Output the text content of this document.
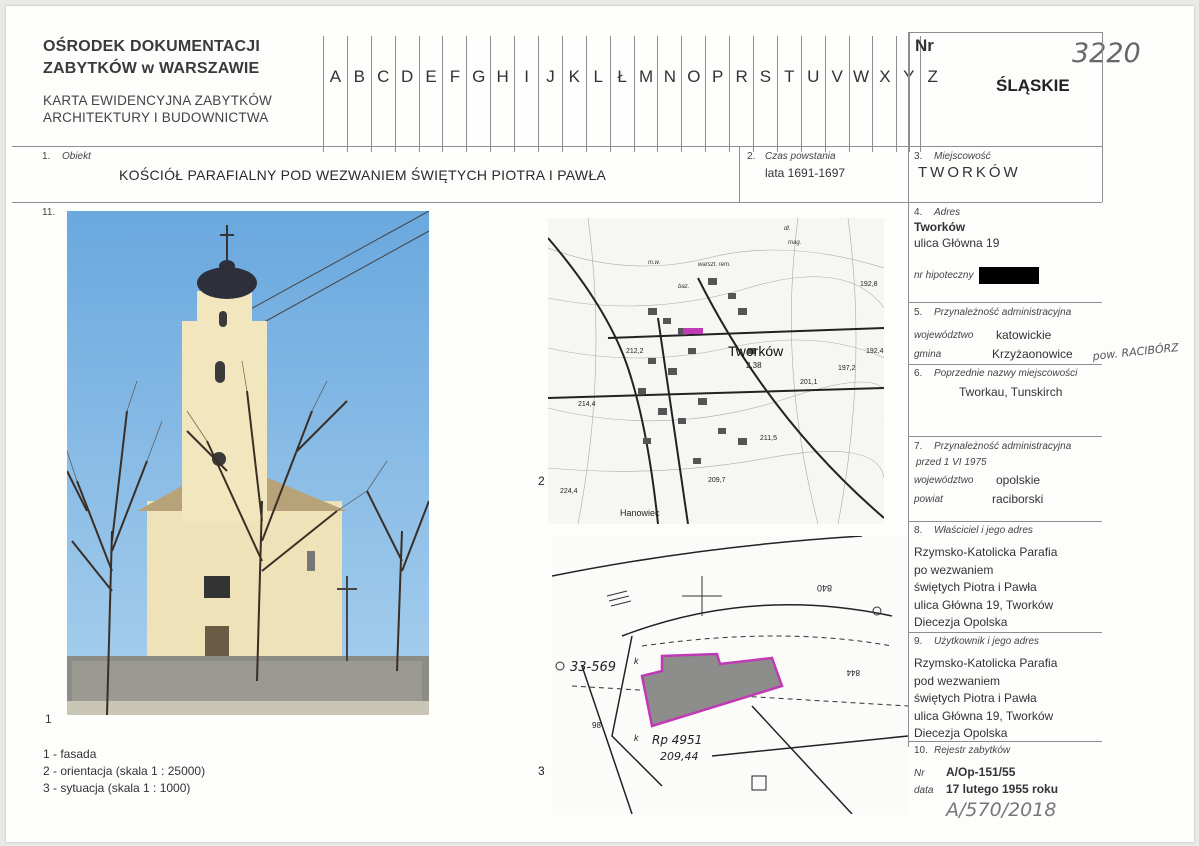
OŚRODEK DOKUMENTACJI
ZABYTKÓW w WARSZAWIE
KARTA EWIDENCYJNA ZABYTKÓW
ARCHITEKTURY I BUDOWNICTWA
A B C D E F G H I	J K L Ł M N O P R S T U V W X Y Z
Nr	3220
ŚLĄSKIE
1. Obiekt
KOŚCIÓŁ PARAFIALNY POD WEZWANIEM ŚWIĘTYCH PIOTRA I PAWŁA
2. Czas powstania
lata 1691-1697
3. Miejscowość
TWORKÓW
11.
1
1 - fasada
2 - orientacja (skala 1 : 25000)
3 - sytuacja (skala 1 : 1000)
2
Tworków
2,38
Hanowiec
192,8
212,2	192,4
197,2
201,1
214,4
211,5
224,4
209,7
warszt. rem.
baz.
m.w.
mag.
dł.
3
33-569
Rp 4951
209,44
98
840
844
k
k
4. Adres
Tworków
ulica Główna 19
nr hipoteczny
5. Przynależność administracyjna
województwo katowickie
gmina	Krzyżaonowice pow. RACIBÓRZ
6. Poprzednie nazwy miejscowości
Tworkau, Tunskirch
7. Przynależność administracyjna
przed 1 VI 1975
województwo opolskie
powiat	raciborski
8. Właściciel i jego adres
Rzymsko-Katolicka Parafia
po wezwaniem
świętych Piotra i Pawła
ulica Główna 19, Tworków
Diecezja Opolska
9. Użytkownik i jego adres
Rzymsko-Katolicka Parafia
pod wezwaniem
świętych Piotra i Pawła
ulica Główna 19, Tworków
Diecezja Opolska
10. Rejestr zabytków
Nr A/Op-151/55
data 17 lutego 1955 roku
A/570/2018
